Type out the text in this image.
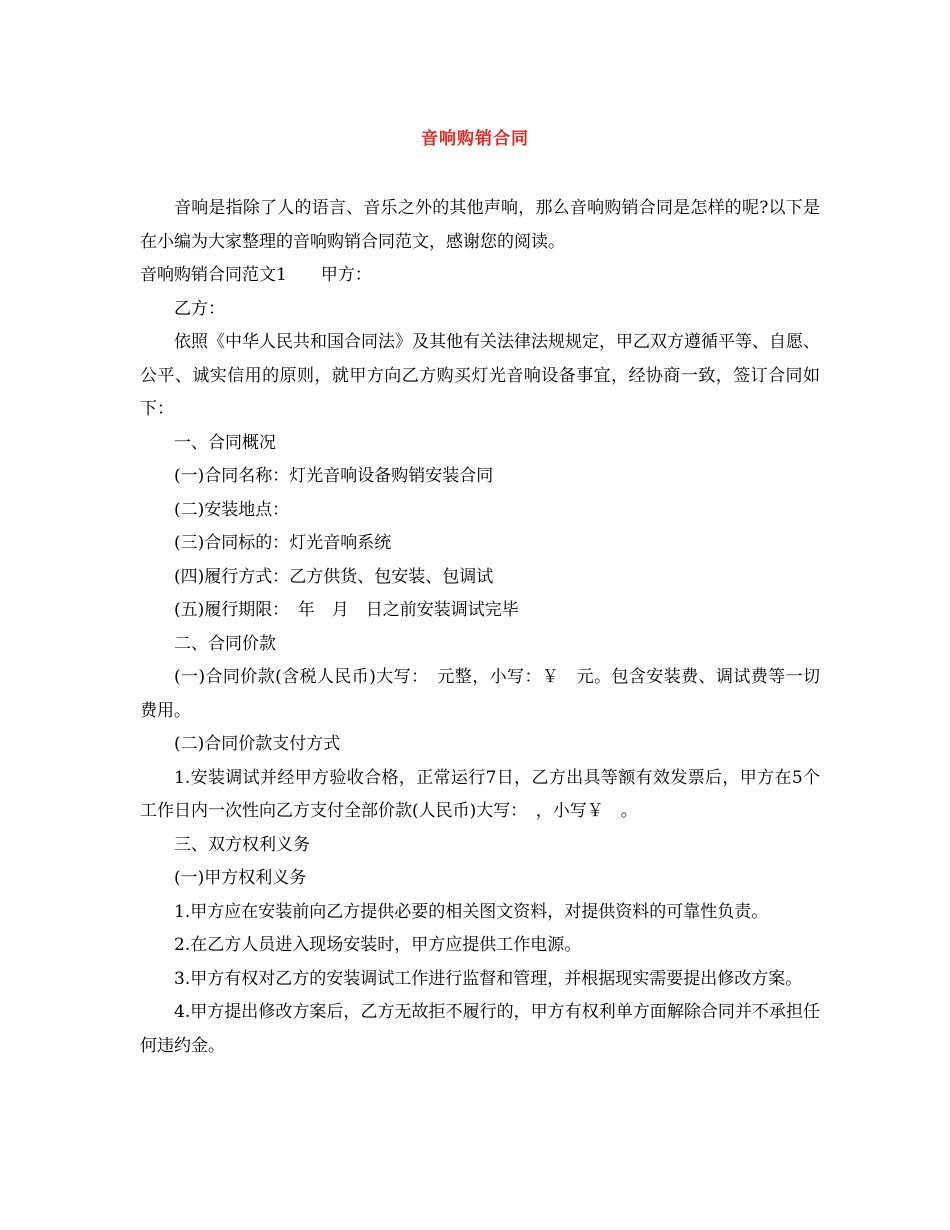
音响购销合同

音响是指除了人的语言、音乐之外的其他声响，那么音响购销合同是怎样的呢?以下是在小编为大家整理的音响购销合同范文，感谢您的阅读。

音响购销合同范文1　　甲方：

乙方：

依照《中华人民共和国合同法》及其他有关法律法规规定，甲乙双方遵循平等、自愿、公平、诚实信用的原则，就甲方向乙方购买灯光音响设备事宜，经协商一致，签订合同如下：

一、合同概况

(一)合同名称：灯光音响设备购销安装合同

(二)安装地点：

(三)合同标的：灯光音响系统

(四)履行方式：乙方供货、包安装、包调试

(五)履行期限：　年　月　日之前安装调试完毕

二、合同价款

(一)合同价款(含税人民币)大写：　元整，小写：￥　元。包含安装费、调试费等一切费用。

(二)合同价款支付方式

1.安装调试并经甲方验收合格，正常运行7日，乙方出具等额有效发票后，甲方在5个工作日内一次性向乙方支付全部价款(人民币)大写：　，小写￥　。

三、双方权利义务

(一)甲方权利义务

1.甲方应在安装前向乙方提供必要的相关图文资料，对提供资料的可靠性负责。

2.在乙方人员进入现场安装时，甲方应提供工作电源。

3.甲方有权对乙方的安装调试工作进行监督和管理，并根据现实需要提出修改方案。

4.甲方提出修改方案后，乙方无故拒不履行的，甲方有权利单方面解除合同并不承担任何违约金。
